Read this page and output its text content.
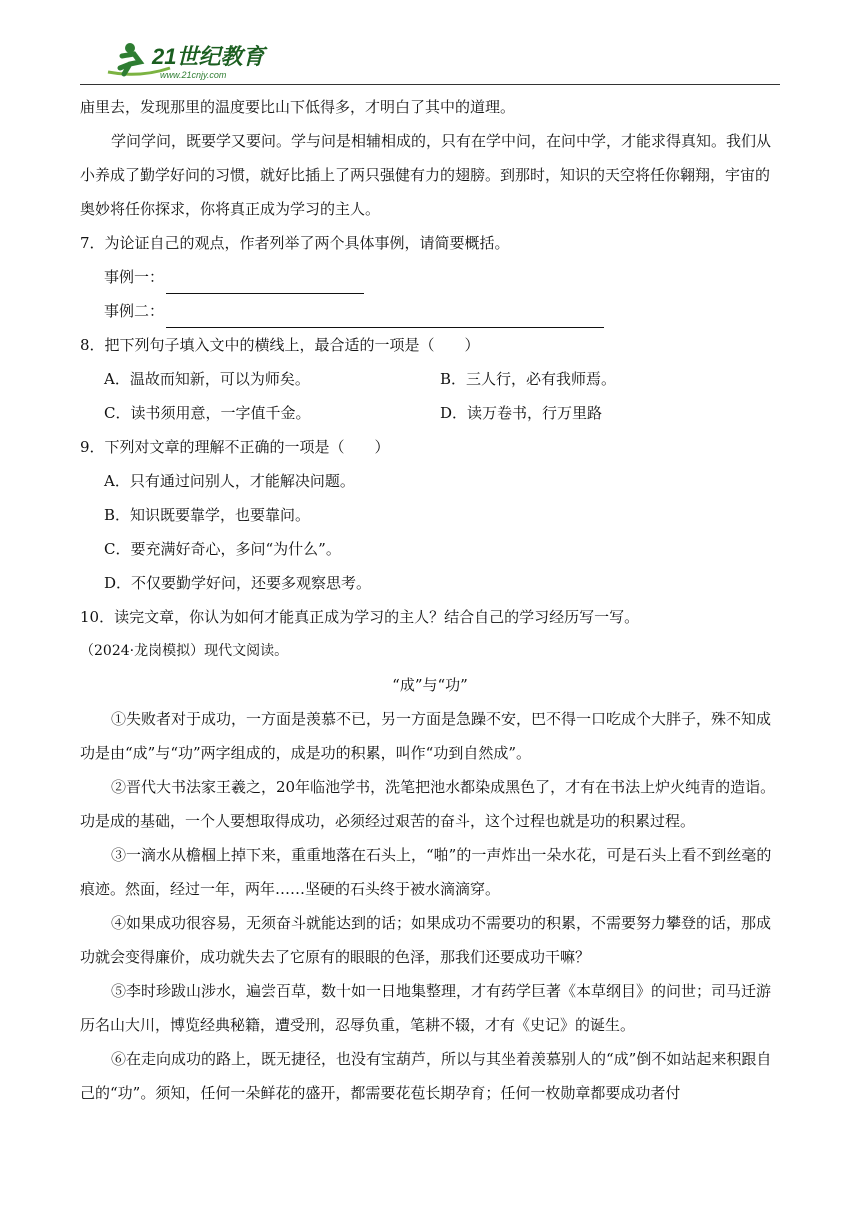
21世纪教育
www.21cnjy.com

庙里去，发现那里的温度要比山下低得多，才明白了其中的道理。

学问学问，既要学又要问。学与问是相辅相成的，只有在学中问，在问中学，才能求得真知。我们从小养成了勤学好问的习惯，就好比插上了两只强健有力的翅膀。到那时，知识的天空将任你翱翔，宇宙的奥妙将任你探求，你将真正成为学习的主人。

7．为论证自己的观点，作者列举了两个具体事例，请简要概括。

事例一：
事例二：

8．把下列句子填入文中的横线上，最合适的一项是（　　）

A．温故而知新，可以为师矣。	B．三人行，必有我师焉。

C．读书须用意，一字值千金。	D．读万卷书，行万里路

9．下列对文章的理解不正确的一项是（　　）

A．只有通过问别人，才能解决问题。

B．知识既要靠学，也要靠问。

C．要充满好奇心，多问“为什么”。

D．不仅要勤学好问，还要多观察思考。

10．读完文章，你认为如何才能真正成为学习的主人？结合自己的学习经历写一写。

（2024·龙岗模拟）现代文阅读。

“成”与“功”

①失败者对于成功，一方面是羡慕不已，另一方面是急躁不安，巴不得一口吃成个大胖子，殊不知成功是由“成”与“功”两字组成的，成是功的积累，叫作“功到自然成”。

②晋代大书法家王羲之，20年临池学书，洗笔把池水都染成黑色了，才有在书法上炉火纯青的造诣。功是成的基础，一个人要想取得成功，必须经过艰苦的奋斗，这个过程也就是功的积累过程。

③一滴水从檐椢上掉下来，重重地落在石头上，“啪”的一声炸出一朵水花，可是石头上看不到丝毫的痕迹。然面，经过一年，两年……坚硬的石头终于被水滴滴穿。

④如果成功很容易，无须奋斗就能达到的话；如果成功不需要功的积累，不需要努力攀登的话，那成功就会变得廉价，成功就失去了它原有的眼眼的色泽，那我们还要成功干嘛？

⑤李时珍跋山涉水，遍尝百草，数十如一日地集整理，才有药学巨著《本草纲目》的问世；司马迁游历名山大川，博览经典秘籍，遭受刑，忍辱负重，笔耕不辍，才有《史记》的诞生。

⑥在走向成功的路上，既无捷径，也没有宝葫芦，所以与其坐着羡慕别人的“成”倒不如站起来积跟自己的“功”。须知，任何一朵鲜花的盛开，都需要花苞长期孕育；任何一枚勋章都要成功者付
